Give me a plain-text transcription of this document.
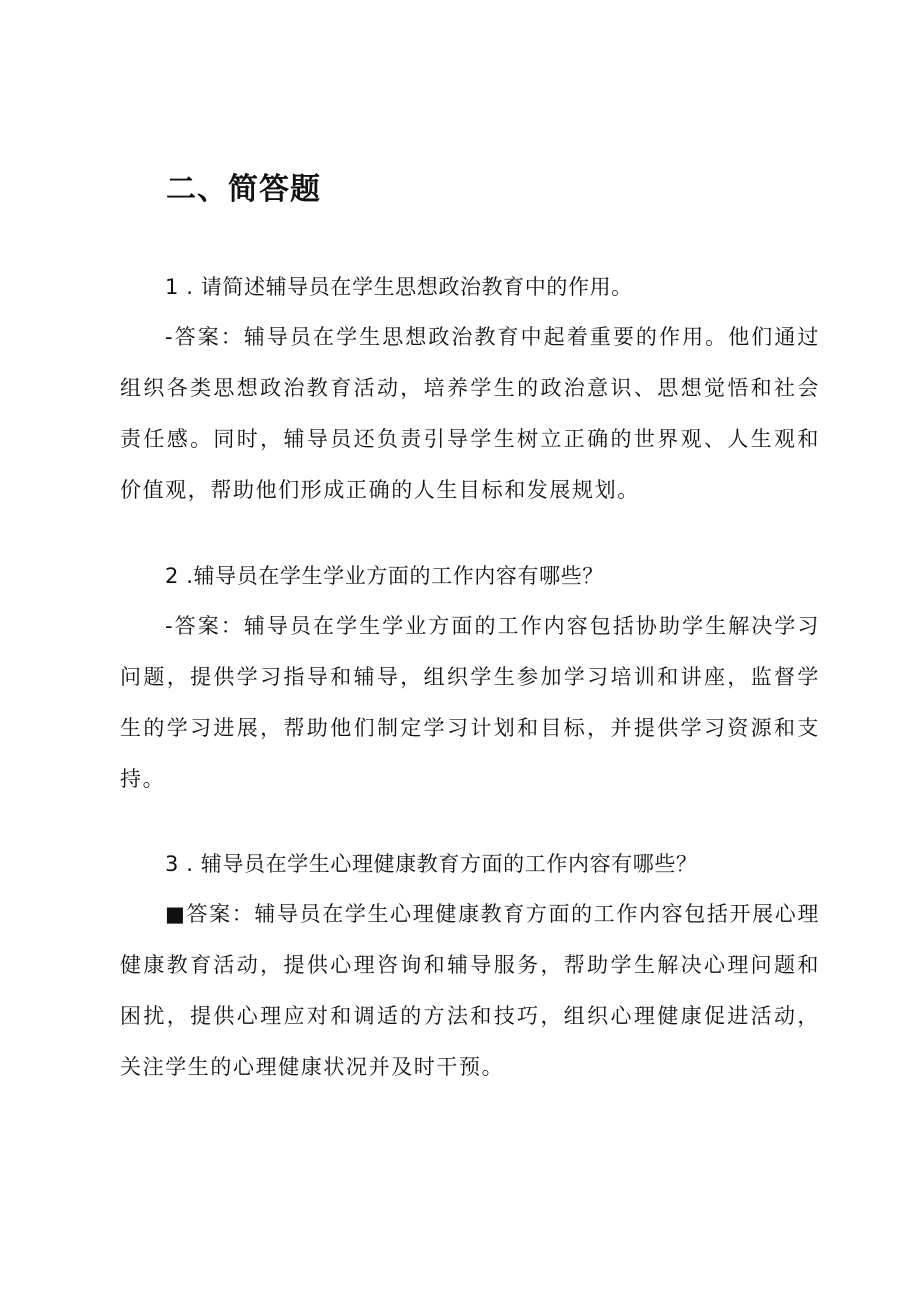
二、简答题

1 . 请简述辅导员在学生思想政治教育中的作用。

-答案：辅导员在学生思想政治教育中起着重要的作用。他们通过组织各类思想政治教育活动，培养学生的政治意识、思想觉悟和社会责任感。同时，辅导员还负责引导学生树立正确的世界观、人生观和价值观，帮助他们形成正确的人生目标和发展规划。

2 .辅导员在学生学业方面的工作内容有哪些？

-答案：辅导员在学生学业方面的工作内容包括协助学生解决学习问题，提供学习指导和辅导，组织学生参加学习培训和讲座，监督学生的学习进展，帮助他们制定学习计划和目标，并提供学习资源和支持。

3 . 辅导员在学生心理健康教育方面的工作内容有哪些？

■答案：辅导员在学生心理健康教育方面的工作内容包括开展心理健康教育活动，提供心理咨询和辅导服务，帮助学生解决心理问题和困扰，提供心理应对和调适的方法和技巧，组织心理健康促进活动，关注学生的心理健康状况并及时干预。
